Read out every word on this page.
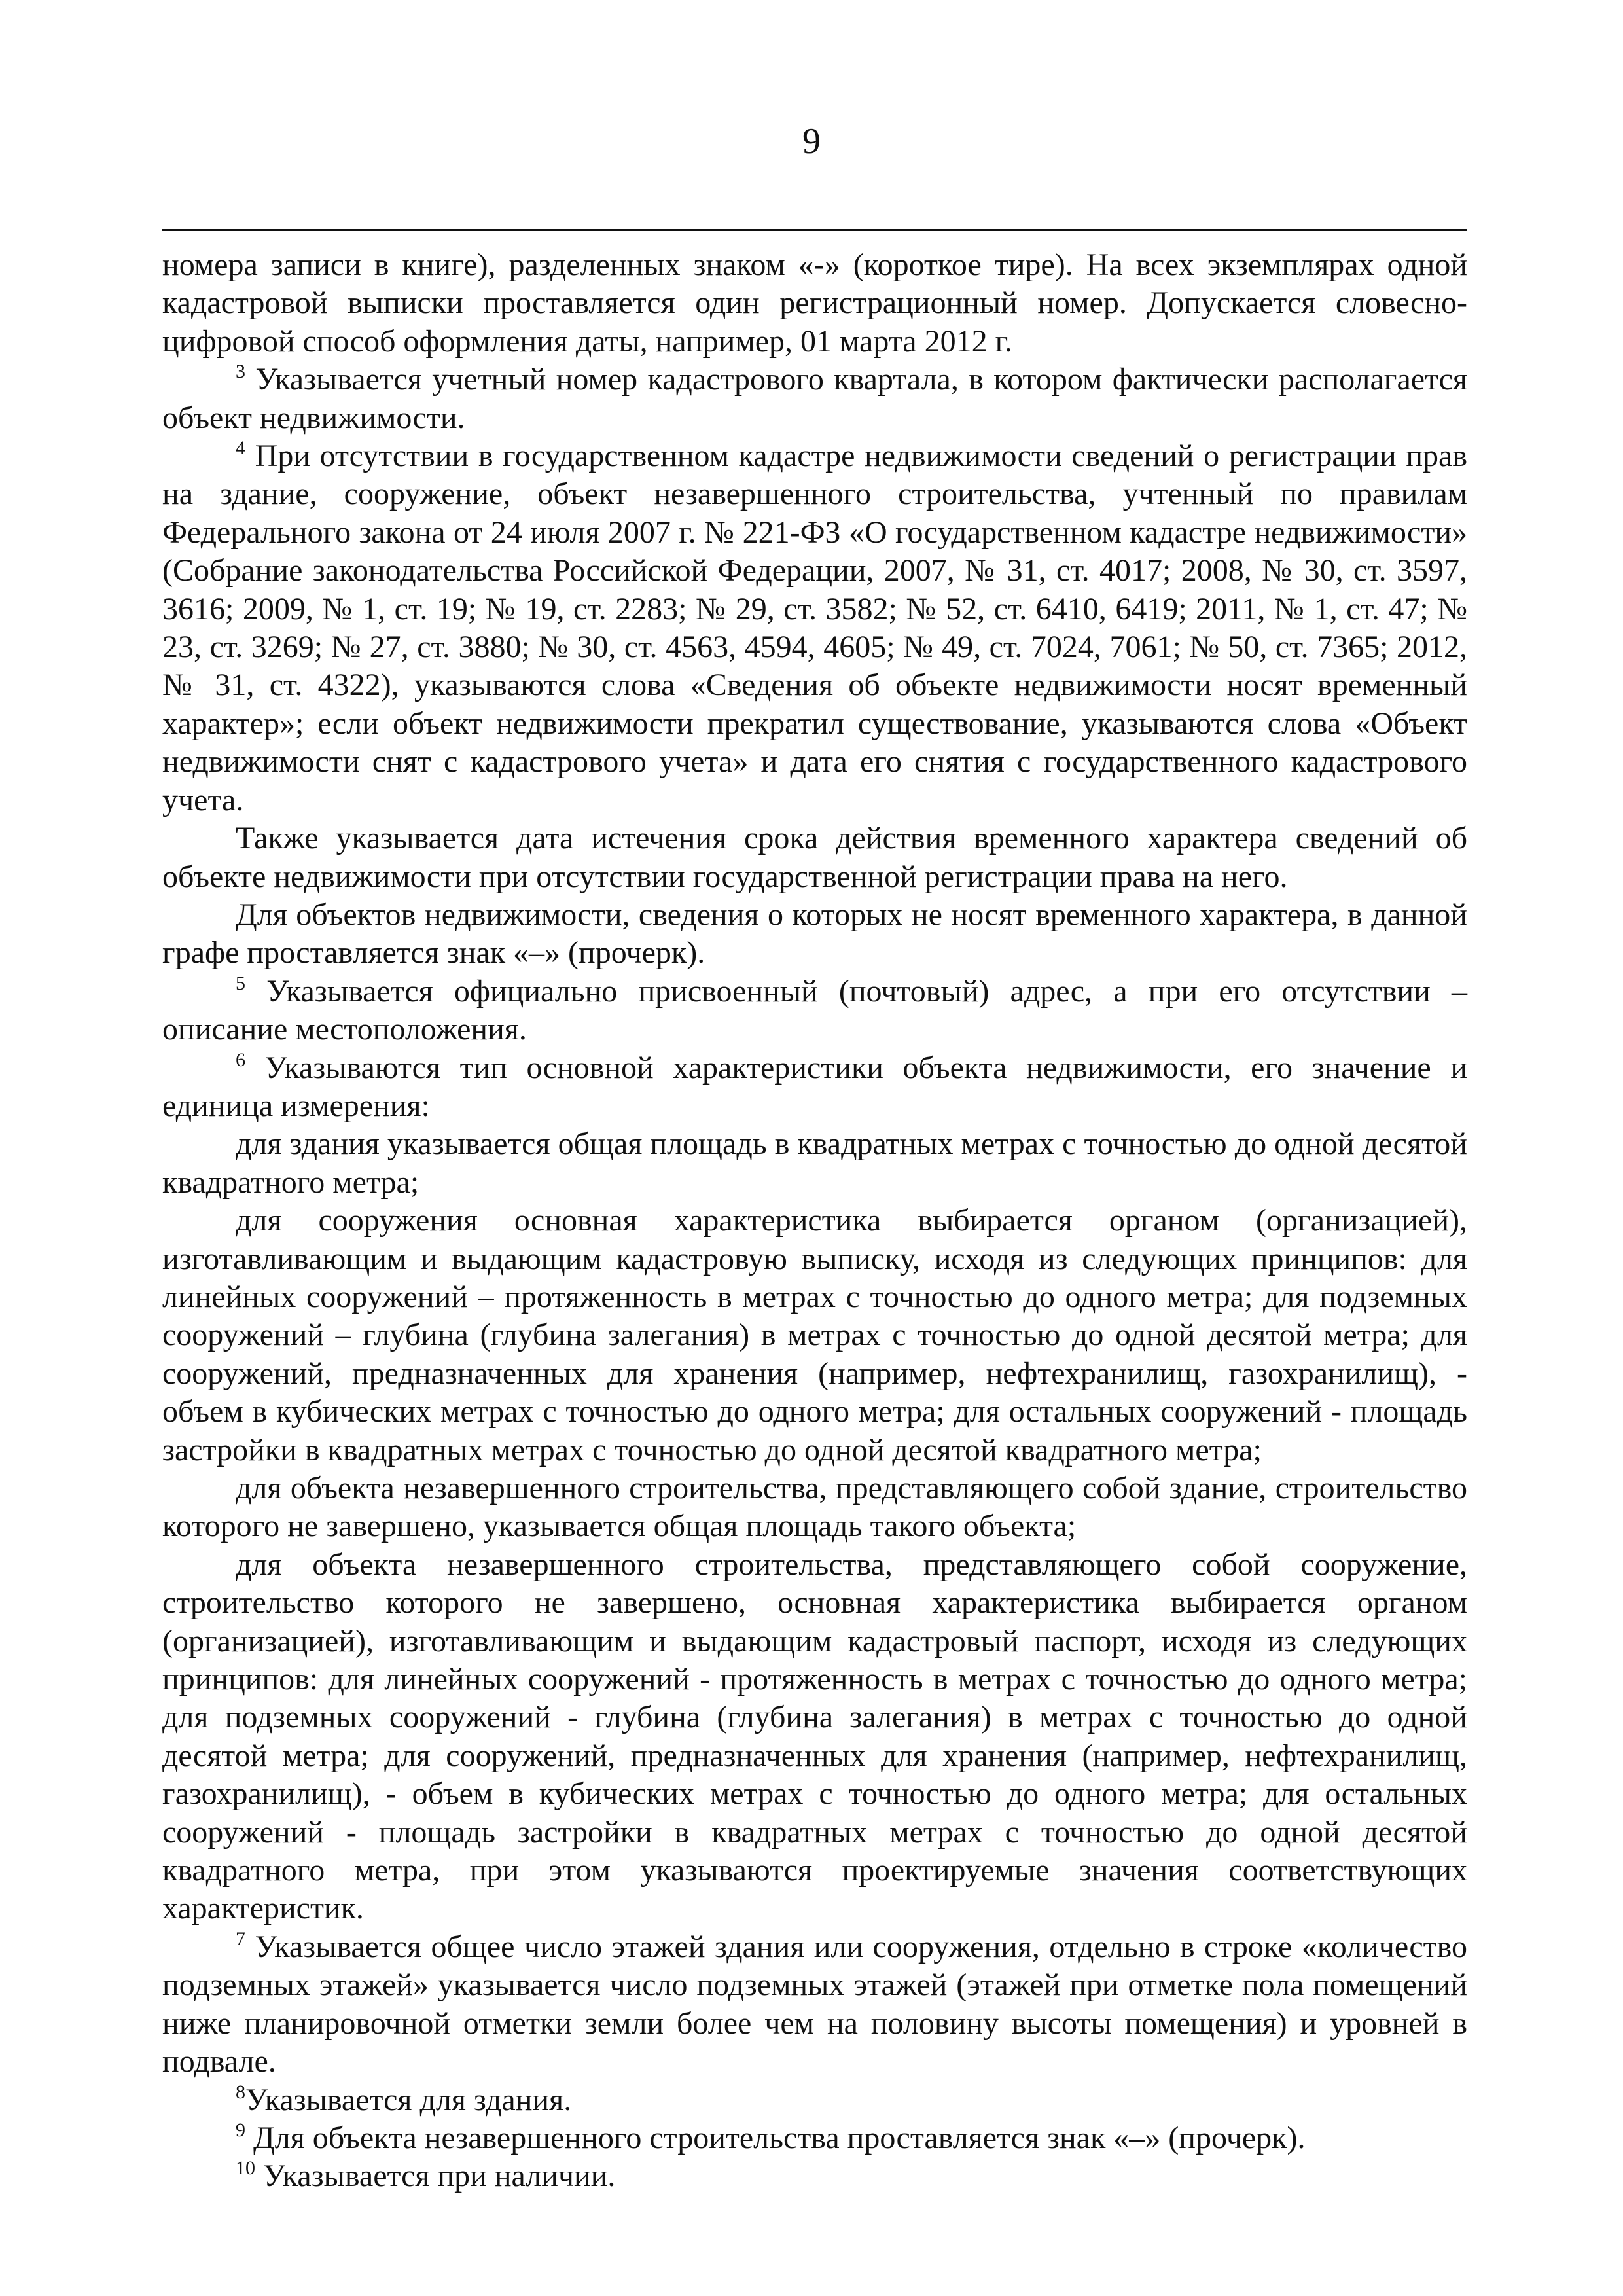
9

номера записи в книге), разделенных знаком «-» (короткое тире). На всех экземплярах одной кадастровой выписки проставляется один регистрационный номер. Допускается словесно-цифровой способ оформления даты, например, 01 марта 2012 г.

$^3$ Указывается учетный номер кадастрового квартала, в котором фактически располагается объект недвижимости.

$^4$ При отсутствии в государственном кадастре недвижимости сведений о регистрации прав на здание, сооружение, объект незавершенного строительства, учтенный по правилам Федерального закона от 24 июля 2007 г. № 221-ФЗ «О государственном кадастре недвижимости» (Собрание законодательства Российской Федерации, 2007, № 31, ст. 4017; 2008, № 30, ст. 3597, 3616; 2009, № 1, ст. 19; № 19, ст. 2283; № 29, ст. 3582; № 52, ст. 6410, 6419; 2011, № 1, ст. 47; № 23, ст. 3269; № 27, ст. 3880; № 30, ст. 4563, 4594, 4605; № 49, ст. 7024, 7061; № 50, ст. 7365; 2012, № 31, ст. 4322), указываются слова «Сведения об объекте недвижимости носят временный характер»; если объект недвижимости прекратил существование, указываются слова «Объект недвижимости снят с кадастрового учета» и дата его снятия с государственного кадастрового учета.

Также указывается дата истечения срока действия временного характера сведений об объекте недвижимости при отсутствии государственной регистрации права на него.

Для объектов недвижимости, сведения о которых не носят временного характера, в данной графе проставляется знак «–» (прочерк).

$^5$ Указывается официально присвоенный (почтовый) адрес, а при его отсутствии – описание местоположения.

$^6$ Указываются тип основной характеристики объекта недвижимости, его значение и единица измерения:

для здания указывается общая площадь в квадратных метрах с точностью до одной десятой квадратного метра;

для сооружения основная характеристика выбирается органом (организацией), изготавливающим и выдающим кадастровую выписку, исходя из следующих принципов: для линейных сооружений – протяженность в метрах с точностью до одного метра; для подземных сооружений – глубина (глубина залегания) в метрах с точностью до одной десятой метра; для сооружений, предназначенных для хранения (например, нефтехранилищ, газохранилищ), - объем в кубических метрах с точностью до одного метра; для остальных сооружений - площадь застройки в квадратных метрах с точностью до одной десятой квадратного метра;

для объекта незавершенного строительства, представляющего собой здание, строительство которого не завершено, указывается общая площадь такого объекта;

для объекта незавершенного строительства, представляющего собой сооружение, строительство которого не завершено, основная характеристика выбирается органом (организацией), изготавливающим и выдающим кадастровый паспорт, исходя из следующих принципов: для линейных сооружений - протяженность в метрах с точностью до одного метра; для подземных сооружений - глубина (глубина залегания) в метрах с точностью до одной десятой метра; для сооружений, предназначенных для хранения (например, нефтехранилищ, газохранилищ), - объем в кубических метрах с точностью до одного метра; для остальных сооружений - площадь застройки в квадратных метрах с точностью до одной десятой квадратного метра, при этом указываются проектируемые значения соответствующих характеристик.

$^7$ Указывается общее число этажей здания или сооружения, отдельно в строке «количество подземных этажей» указывается число подземных этажей (этажей при отметке пола помещений ниже планировочной отметки земли более чем на половину высоты помещения) и уровней в подвале.

$^8$Указывается для здания.

$^9$ Для объекта незавершенного строительства проставляется знак «–» (прочерк).

$^{10}$ Указывается при наличии.
